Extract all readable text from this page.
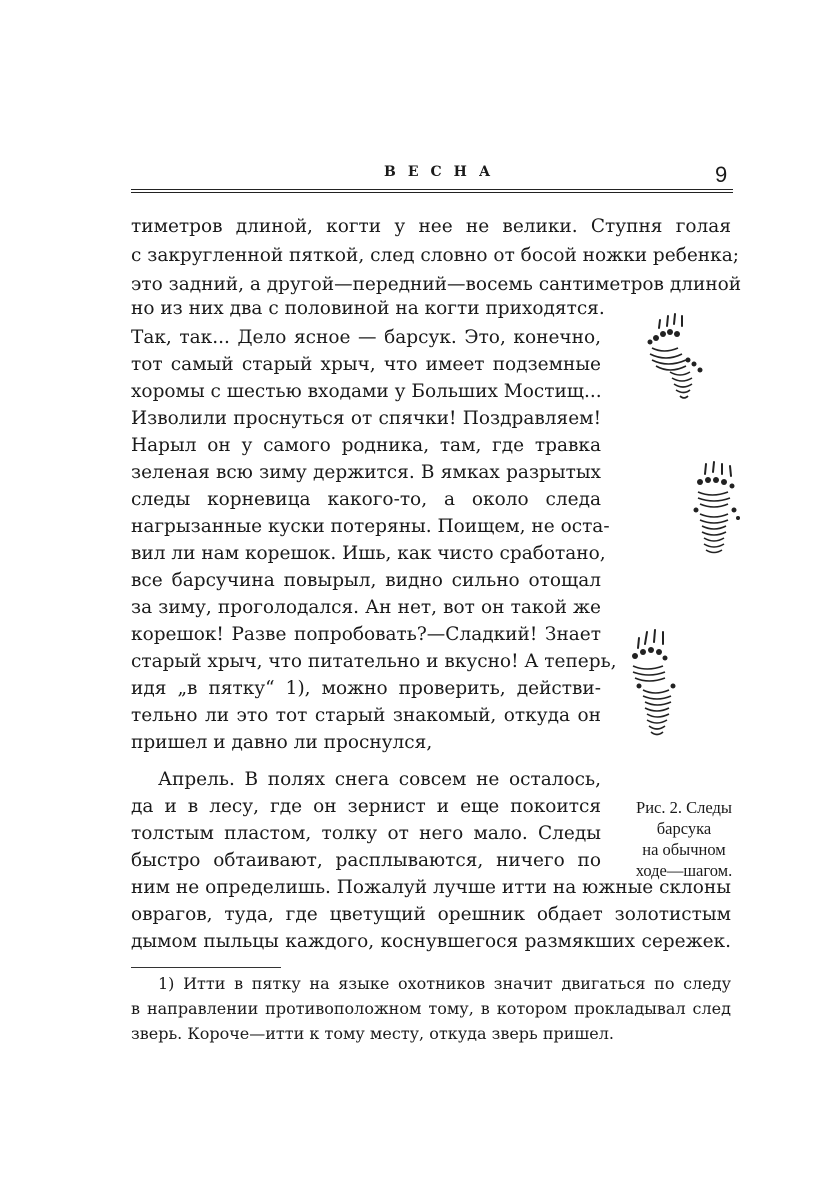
ВЕСНА	9
тиметров длиной, когти у нее не велики. Ступня голая
с закругленной пяткой, след словно от босой ножки ребенка;
это задний, а другой—передний—восемь сантиметров длиной
но из них два с половиной на когти приходятся.
Так, так... Дело ясное — барсук. Это, конечно,
тот самый старый хрыч, что имеет подземные
хоромы с шестью входами у Больших Мостищ...
Изволили проснуться от спячки! Поздравляем!
Нарыл он у самого родника, там, где травка
зеленая всю зиму держится. В ямках разрытых
следы корневица какого-то, а около следа
нагрызанные куски потеряны. Поищем, не оста-
вил ли нам корешок. Ишь, как чисто сработано,
все барсучина повырыл, видно сильно отощал
за зиму, проголодался. Ан нет, вот он такой же
корешок! Разве попробовать?—Сладкий! Знает
старый хрыч, что питательно и вкусно! А теперь,
идя „в пятку“ 1), можно проверить, действи-
тельно ли это тот старый знакомый, откуда он
пришел и давно ли проснулся,
Апрель. В полях снега совсем не осталось,
да и в лесу, где он зернист и еще покоится
толстым пластом, толку от него мало. Следы
быстро обтаивают, расплываются, ничего по
ним не определишь. Пожалуй лучше итти на южные склоны
оврагов, туда, где цветущий орешник обдает золотистым
дымом пыльцы каждого, коснувшегося размякших сережек.
Рис. 2. Следы
барсука
на обычном
ходе—шагом.
1) Итти в пятку на языке охотников значит двигаться по следу
в направлении противоположном тому, в котором прокладывал след
зверь. Короче—итти к тому месту, откуда зверь пришел.
